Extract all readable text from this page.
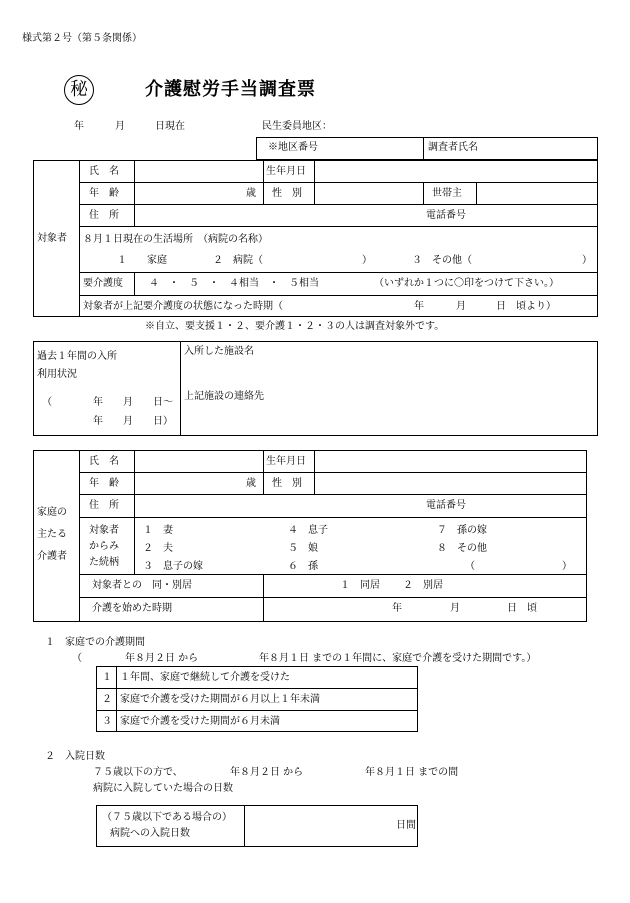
様式第２号（第５条関係）
秘	介護慰労手当調査票
年	月	日現在	民生委員地区：
※地区番号	調査者氏名
対象者
氏　名	生年月日
年　齢	歳 性　別	世帯主
住　所	電話番号
８月１日現在の生活場所　（病院の名称）
１　　家庭	２　病院（	）	３　その他（	）
要介護度	４　・　５　・　４相当　・　５相当	（いずれか１つに〇印をつけて下さい。）
対象者が上記要介護度の状態になった時期（	年	月	日　頃より）
※自立、要支援１・２、要介護１・２・３の人は調査対象外です。
過去１年間の入所
利用状況
（	年　　月　　日～
年　　月　　日）
入所した施設名
上記施設の連絡先
家庭の
主たる
介護者
氏　名	生年月日
年　齢	歳 性　別
住　所	電話番号
対象者
からみ
た続柄
１　妻
２　夫
３　息子の嫁
４　息子
５　娘
６　孫
７　孫の嫁
８　その他
（	）
対象者との　同・別居	１　同居 ２　別居
介護を始めた時期	年	月	日　頃
１　家庭での介護期間
（	年８月２日 から	年８月１日 までの１年間に、家庭で介護を受けた期間です。）
１ １年間、家庭で継続して介護を受けた
２ 家庭で介護を受けた期間が６月以上１年未満
３ 家庭で介護を受けた期間が６月未満
２　入院日数
７５歳以下の方で、	年８月２日 から	年８月１日 までの間
病院に入院していた場合の日数
（７５歳以下である場合の）
病院への入院日数
日間
